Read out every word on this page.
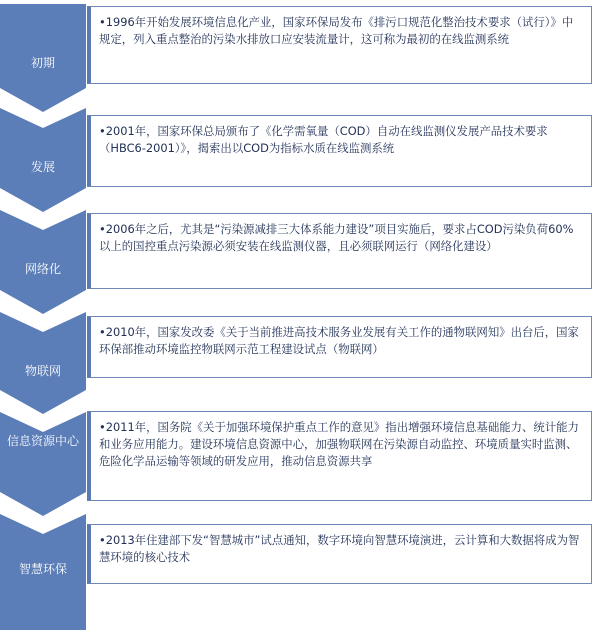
初期
•1996年开始发展环境信息化产业，国家环保局发布《排污口规范化整治技术要求（试行）》中规定，列入重点整治的污染水排放口应安装流量计，这可称为最初的在线监测系统
发展
•2001年，国家环保总局颁布了《化学需氧量（COD）自动在线监测仪发展产品技术要求（HBC6-2001）》，揭索出以COD为指标水质在线监测系统
网络化
•2006年之后，尤其是“污染源减排三大体系能力建设”项目实施后，要求占COD污染负荷60%以上的国控重点污染源必须安装在线监测仪器，且必须联网运行（网络化建设）
物联网
•2010年，国家发改委《关于当前推进高技术服务业发展有关工作的通物联网知》出台后，国家环保部推动环境监控物联网示范工程建设试点（物联网）
信息资源中心
•2011年，国务院《关于加强环境保护重点工作的意见》指出增强环境信息基础能力、统计能力和业务应用能力。建设环境信息资源中心，加强物联网在污染源自动监控、环境质量实时监测、危险化学品运输等领域的研发应用，推动信息资源共享
智慧环保
•2013年住建部下发“智慧城市”试点通知，数字环境向智慧环境演进，云计算和大数据将成为智慧环境的核心技术
